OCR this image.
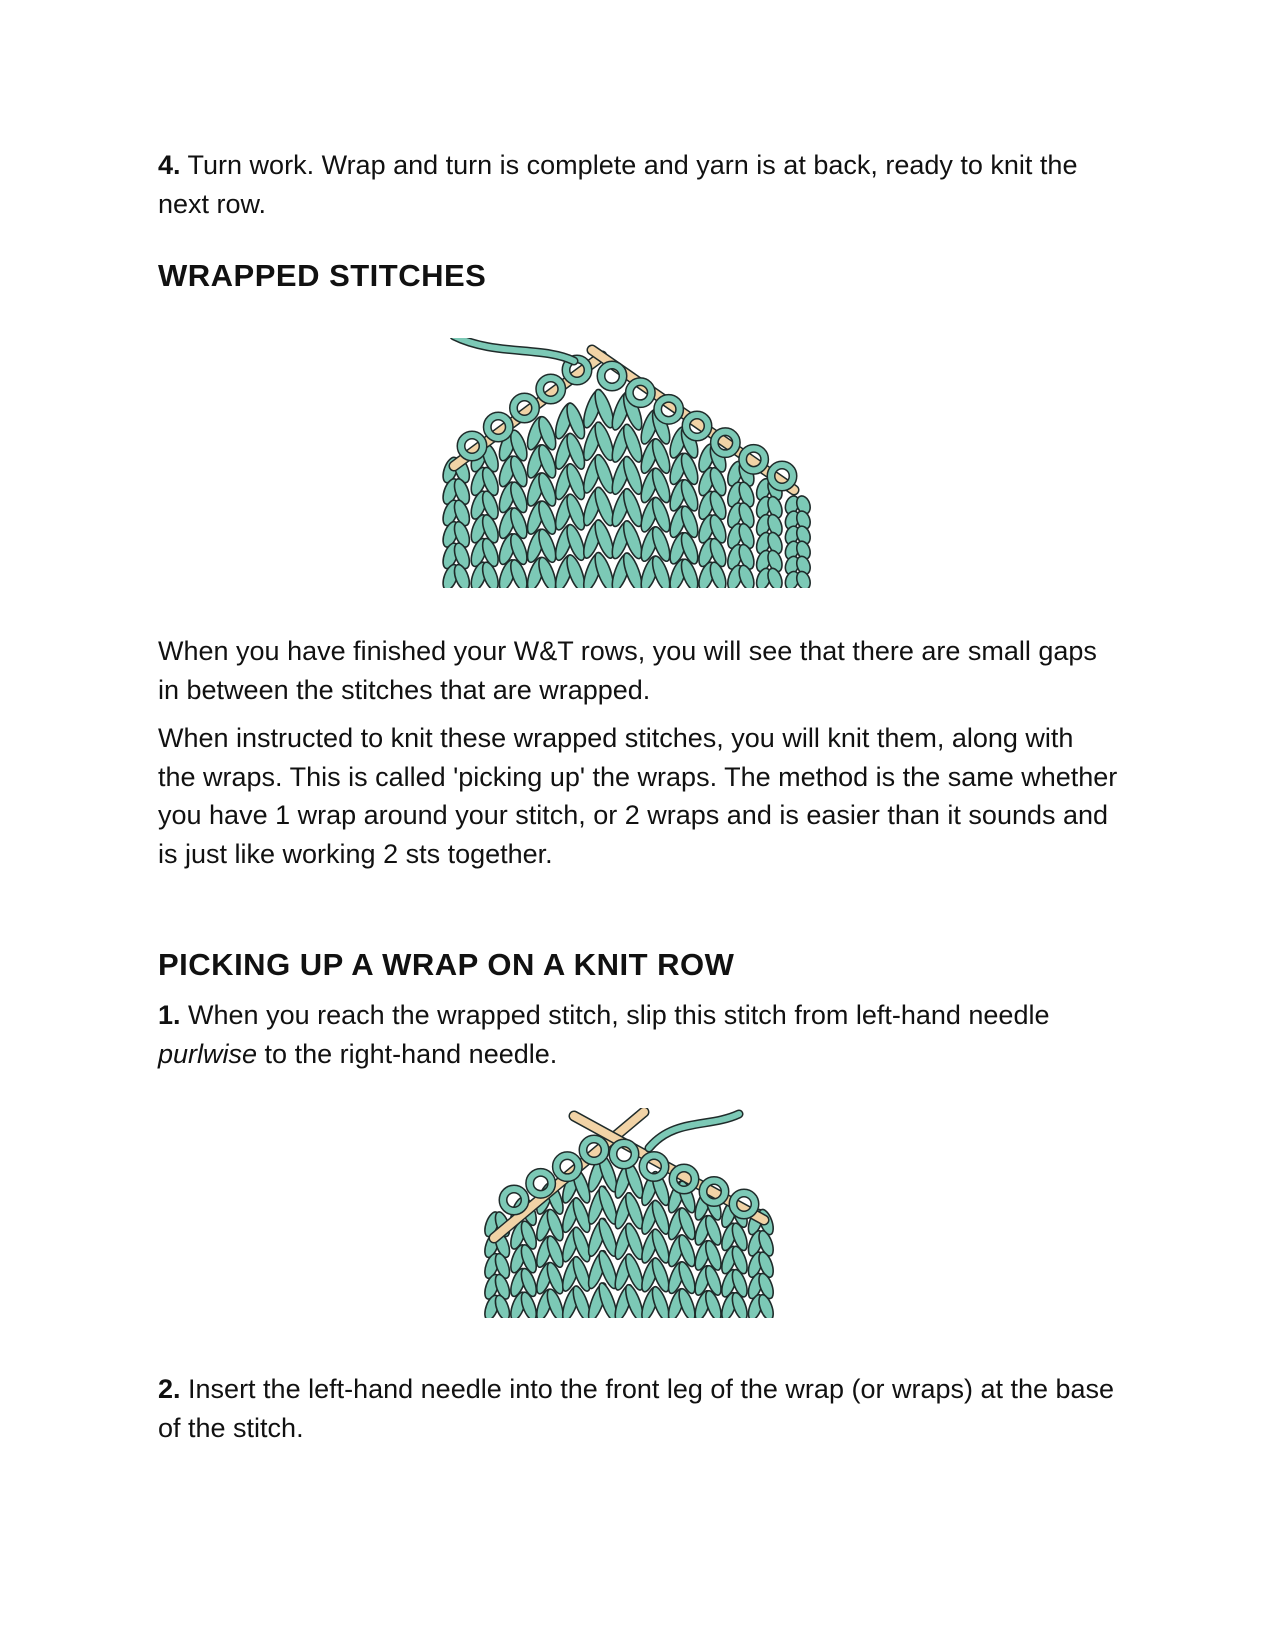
4. Turn work. Wrap and turn is complete and yarn is at back, ready to knit the next row.

WRAPPED STITCHES

When you have finished your W&T rows, you will see that there are small gaps in between the stitches that are wrapped.

When instructed to knit these wrapped stitches, you will knit them, along with the wraps. This is called 'picking up' the wraps. The method is the same whether you have 1 wrap around your stitch, or 2 wraps and is easier than it sounds and is just like working 2 sts together.

PICKING UP A WRAP ON A KNIT ROW

1. When you reach the wrapped stitch, slip this stitch from left-hand needle purlwise to the right-hand needle.

2. Insert the left-hand needle into the front leg of the wrap (or wraps) at the base of the stitch.
